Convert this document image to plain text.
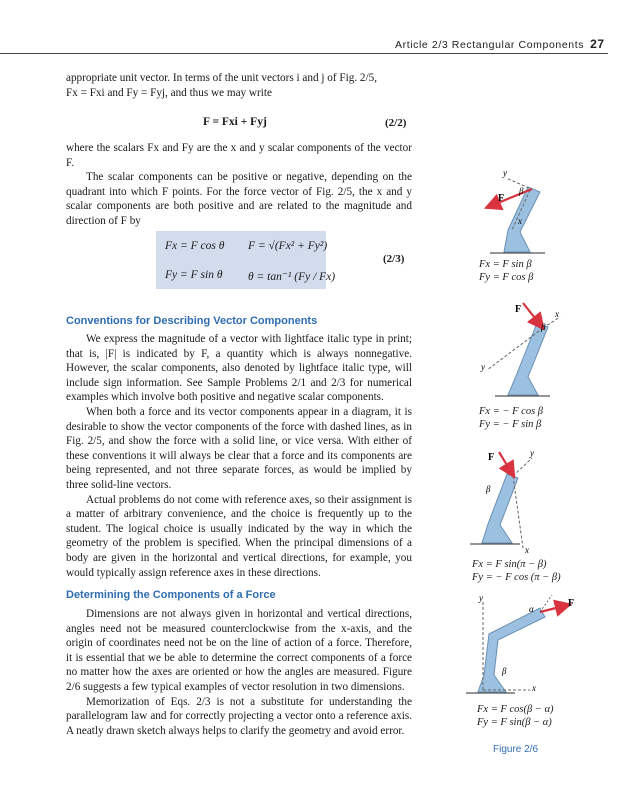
Article 2/3 Rectangular Components 27

appropriate unit vector. In terms of the unit vectors i and j of Fig. 2/5,

Fx = Fxi and Fy = Fyj, and thus we may write

F = Fxi + Fyj	(2/2)

where the scalars Fx and Fy are the x and y scalar components of the vector F.

The scalar components can be positive or negative, depending on the quadrant into which F points. For the force vector of Fig. 2/5, the x and y scalar components are both positive and are related to the magnitude and direction of F by

Fx = F cos θ F = √(Fx² + Fy²)
Fy = F sin θ θ = tan⁻¹ (Fy / Fx)
(2/3)
Conventions for Describing Vector Components

We express the magnitude of a vector with lightface italic type in print; that is, |F| is indicated by F, a quantity which is always nonnegative. However, the scalar components, also denoted by lightface italic type, will include sign information. See Sample Problems 2/1 and 2/3 for numerical examples which involve both positive and negative scalar components.

When both a force and its vector components appear in a diagram, it is desirable to show the vector components of the force with dashed lines, as in Fig. 2/5, and show the force with a solid line, or vice versa. With either of these conventions it will always be clear that a force and its components are being represented, and not three separate forces, as would be implied by three solid-line vectors.

Actual problems do not come with reference axes, so their assignment is a matter of arbitrary convenience, and the choice is frequently up to the student. The logical choice is usually indicated by the way in which the geometry of the problem is specified. When the principal dimensions of a body are given in the horizontal and vertical directions, for example, you would typically assign reference axes in these directions.

Determining the Components of a Force

Dimensions are not always given in horizontal and vertical directions, angles need not be measured counterclockwise from the x-axis, and the origin of coordinates need not be on the line of action of a force. Therefore, it is essential that we be able to determine the correct components of a force no matter how the axes are oriented or how the angles are measured. Figure 2/6 suggests a few typical examples of vector resolution in two dimensions.

Memorization of Eqs. 2/3 is not a substitute for understanding the parallelogram law and for correctly projecting a vector onto a reference axis. A neatly drawn sketch always helps to clarify the geometry and avoid error.

F
y
x
β
F	x
y
β
F	y
x
β
F
y
x
α
β
Fx = F sin β
Fy = F cos β
Fx = − F cos β
Fy = − F sin β
Fx = F sin(π − β)
Fy = − F cos (π − β)
Fx = F cos(β − α)
Fy = F sin(β − α)
Figure 2/6
